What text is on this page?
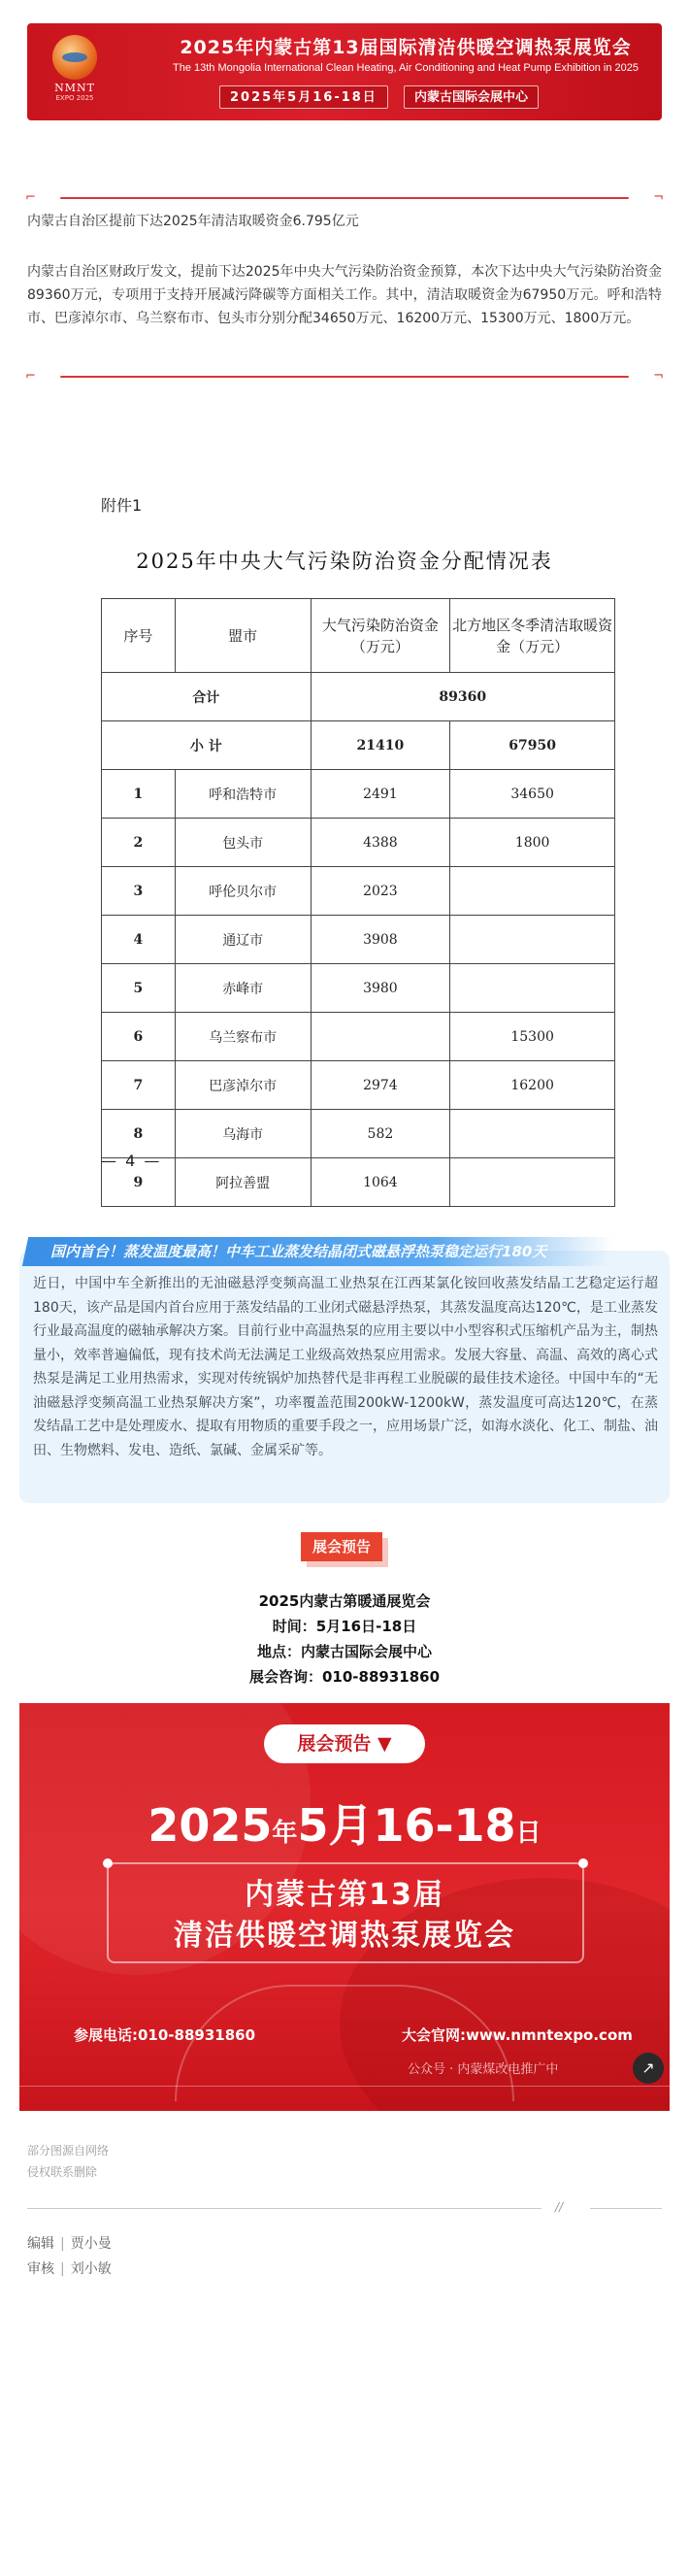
NMNT
EXPO 2025
2025年内蒙古第13届国际清洁供暖空调热泵展览会
The 13th Mongolia International Clean Heating, Air Conditioning and Heat Pump Exhibition in 2025
2025年5月16-18日	内蒙古国际会展中心
⌐	¬

内蒙古自治区提前下达2025年清洁取暖资金6.795亿元

内蒙古自治区财政厅发文，提前下达2025年中央大气污染防治资金预算，本次下达中央大气污染防治资金89360万元，专项用于支持开展减污降碳等方面相关工作。其中，清洁取暖资金为67950万元。呼和浩特市、巴彦淖尔市、乌兰察布市、包头市分别分配34650万元、16200万元、15300万元、1800万元。

⌐	¬
附件1
2025年中央大气污染防治资金分配情况表
序号	盟市	大气污染防治资金（万元）	北方地区冬季清洁取暖资金（万元）
合计		89360	
小 计		21410	67950
1	呼和浩特市	2491	34650
2	包头市	4388	1800
3	呼伦贝尔市	2023	
4	通辽市	3908	
5	赤峰市	3980	
6	乌兰察布市		15300
7	巴彦淖尔市	2974	16200
8	乌海市	582	
9	阿拉善盟	1064	
— 4 —

近日，中国中车全新推出的无油磁悬浮变频高温工业热泵在江西某氯化铵回收蒸发结晶工艺稳定运行超180天，该产品是国内首台应用于蒸发结晶的工业闭式磁悬浮热泵，其蒸发温度高达120℃，是工业蒸发行业最高温度的磁轴承解决方案。目前行业中高温热泵的应用主要以中小型容积式压缩机产品为主，制热量小，效率普遍偏低，现有技术尚无法满足工业级高效热泵应用需求。发展大容量、高温、高效的离心式热泵是满足工业用热需求，实现对传统锅炉加热替代是非再程工业脱碳的最佳技术途径。中国中车的“无油磁悬浮变频高温工业热泵解决方案”，功率覆盖范围200kW-1200kW，蒸发温度可高达120℃，在蒸发结晶工艺中是处理废水、提取有用物质的重要手段之一，应用场景广泛，如海水淡化、化工、制盐、油田、生物燃料、发电、造纸、氯碱、金属采矿等。

国内首台！蒸发温度最高！中车工业蒸发结晶闭式磁悬浮热泵稳定运行180天
展会预告
2025内蒙古第暖通展览会
时间：5月16日-18日
地点：内蒙古国际会展中心
展会咨询：010-88931860
展会预告 ▼
2025年5月16-18日
内蒙古第13届
清洁供暖空调热泵展览会
参展电话:010-88931860	大会官网:www.nmntexpo.com
公众号 · 内蒙煤改电推广中	↗
部分图源自网络
侵权联系删除
//
编辑 | 贾小曼
审核 | 刘小敏
